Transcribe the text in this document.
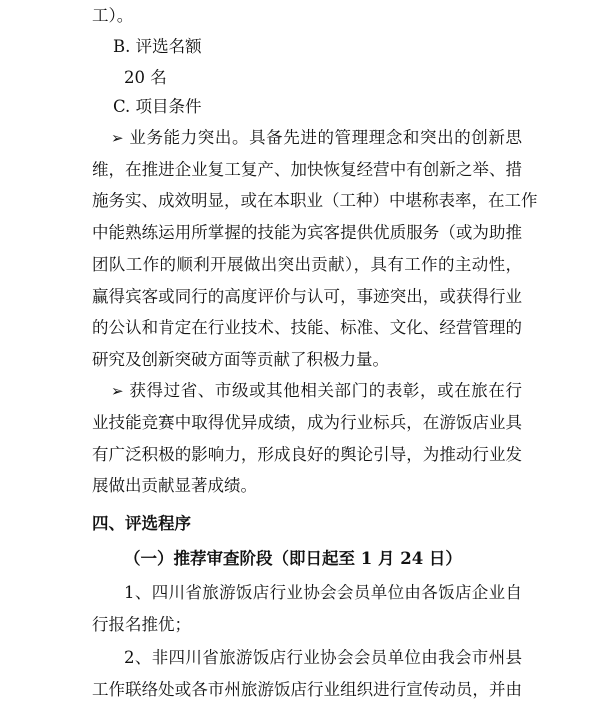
工）。
B. 评选名额
20 名
C. 项目条件
➢ 业务能力突出。具备先进的管理理念和突出的创新思
维，在推进企业复工复产、加快恢复经营中有创新之举、措
施务实、成效明显，或在本职业（工种）中堪称表率，在工作
中能熟练运用所掌握的技能为宾客提供优质服务（或为助推
团队工作的顺利开展做出突出贡献），具有工作的主动性，
赢得宾客或同行的高度评价与认可，事迹突出，或获得行业
的公认和肯定在行业技术、技能、标准、文化、经营管理的
研究及创新突破方面等贡献了积极力量。
➢ 获得过省、市级或其他相关部门的表彰，或在旅在行
业技能竞赛中取得优异成绩，成为行业标兵，在游饭店业具
有广泛积极的影响力，形成良好的舆论引导，为推动行业发
展做出贡献显著成绩。
四、评选程序
（一）推荐审查阶段（即日起至 1 月 24 日）
1、四川省旅游饭店行业协会会员单位由各饭店企业自
行报名推优；
2、非四川省旅游饭店行业协会会员单位由我会市州县
工作联络处或各市州旅游饭店行业组织进行宣传动员，并由
